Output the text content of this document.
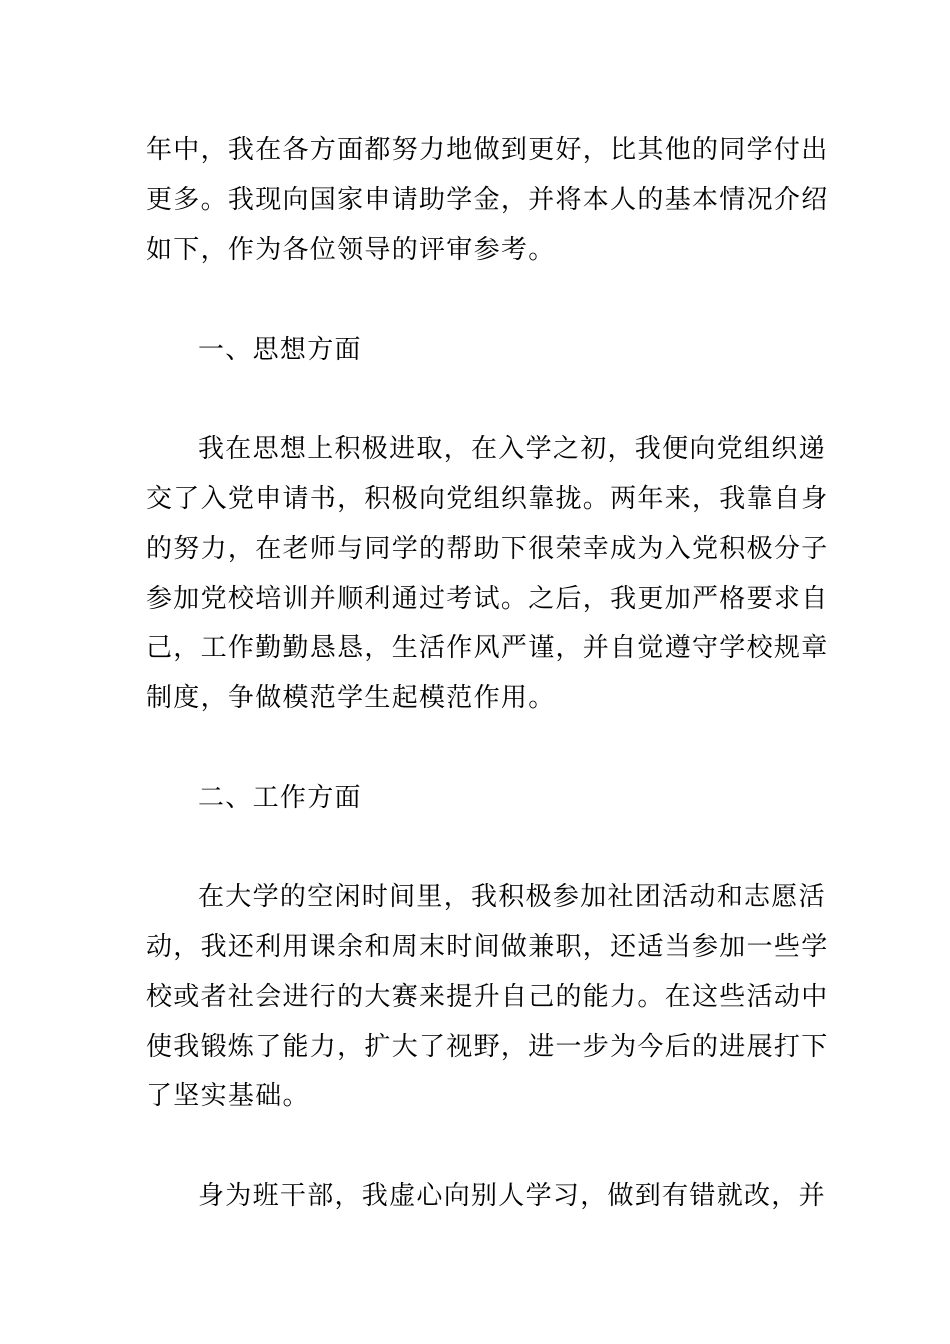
年中，我在各方面都努力地做到更好，比其他的同学付出
更多。我现向国家申请助学金，并将本人的基本情况介绍
如下，作为各位领导的评审参考。
一、思想方面
我在思想上积极进取，在入学之初，我便向党组织递
交了入党申请书，积极向党组织靠拢。两年来，我靠自身
的努力，在老师与同学的帮助下很荣幸成为入党积极分子
参加党校培训并顺利通过考试。之后，我更加严格要求自
己，工作勤勤恳恳，生活作风严谨，并自觉遵守学校规章
制度，争做模范学生起模范作用。
二、工作方面
在大学的空闲时间里，我积极参加社团活动和志愿活
动，我还利用课余和周末时间做兼职，还适当参加一些学
校或者社会进行的大赛来提升自己的能力。在这些活动中
使我锻炼了能力，扩大了视野，进一步为今后的进展打下
了坚实基础。
身为班干部，我虚心向别人学习，做到有错就改，并
